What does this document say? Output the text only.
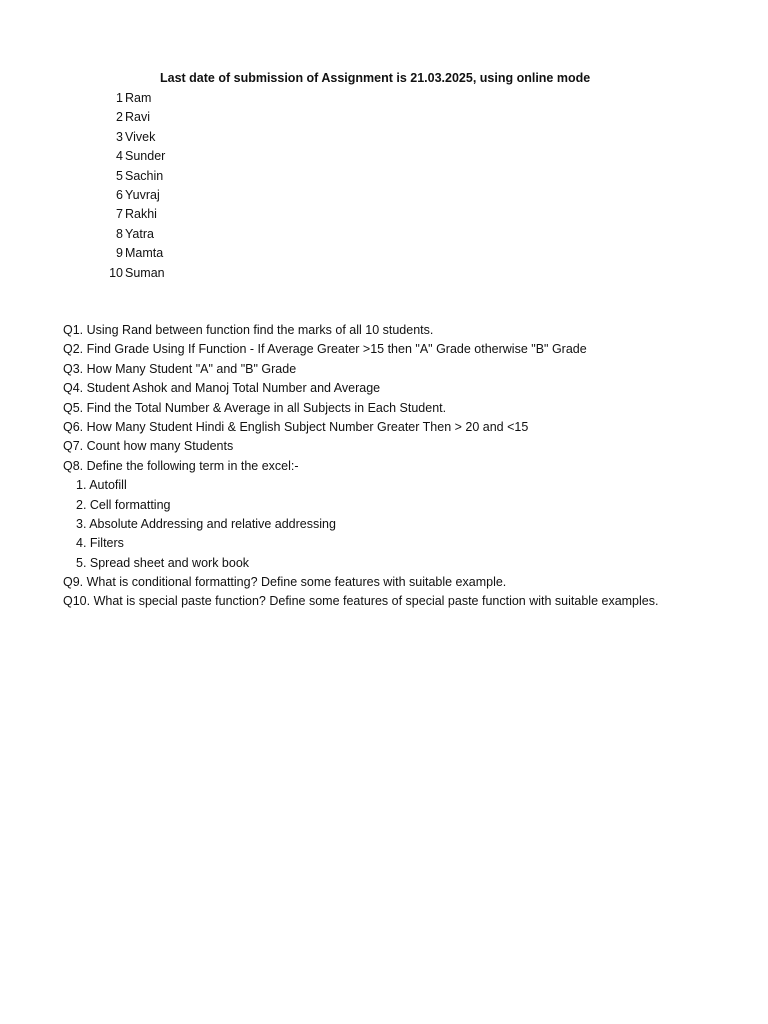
Last date of submission of Assignment is 21.03.2025, using online mode
1 Ram
2 Ravi
3 Vivek
4 Sunder
5 Sachin
6 Yuvraj
7 Rakhi
8 Yatra
9 Mamta
10 Suman
Q1. Using Rand between function find the marks of all 10 students.
Q2. Find Grade Using If Function - If Average Greater >15 then "A" Grade otherwise "B" Grade
Q3. How Many Student "A" and "B" Grade
Q4. Student Ashok and Manoj Total Number and Average
Q5. Find the Total Number & Average in all Subjects in Each Student.
Q6. How Many Student Hindi & English Subject Number Greater Then > 20 and <15
Q7. Count how many Students
Q8. Define the following term in the excel:-
1. Autofill
2. Cell formatting
3. Absolute Addressing and relative addressing
4. Filters
5. Spread sheet and work book
Q9. What is conditional formatting? Define some features with suitable example.
Q10. What is special paste function? Define some features of special paste function with suitable examples.
